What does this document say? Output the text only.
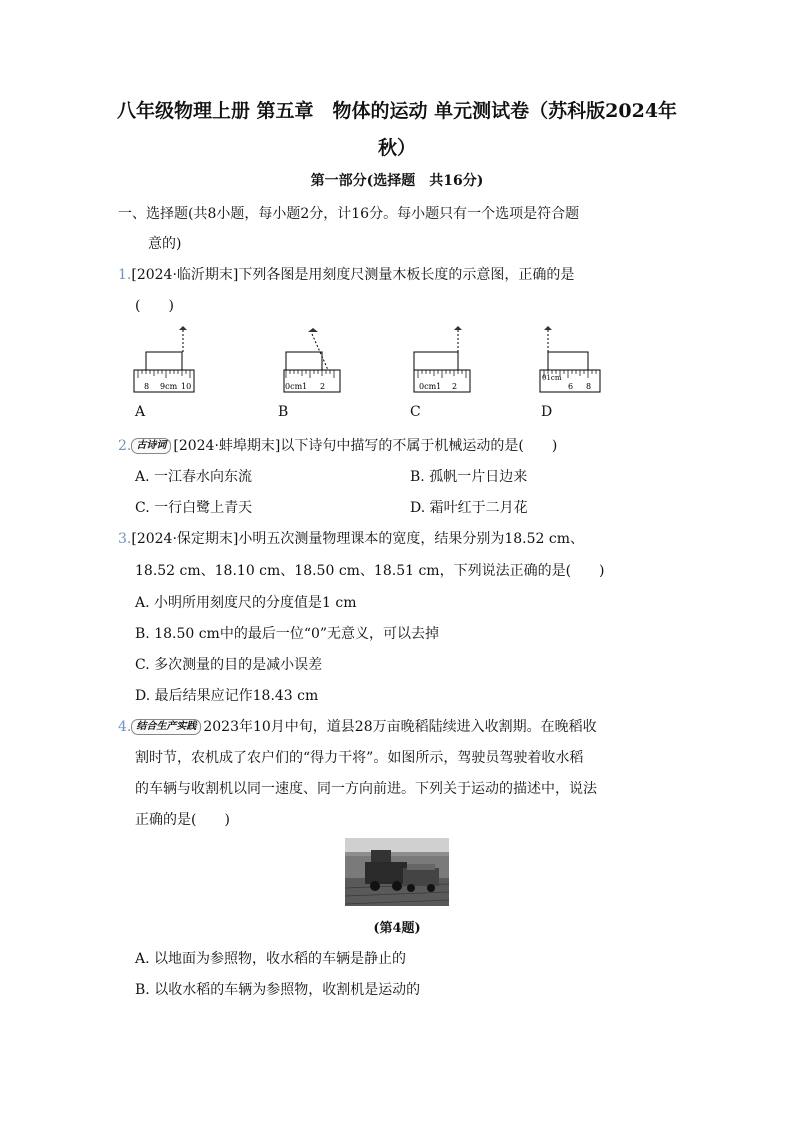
八年级物理上册 第五章　物体的运动 单元测试卷（苏科版2024年
秋）
第一部分(选择题　共16分)
一、选择题(共8小题，每小题2分，计16分。每小题只有一个选项是符合题
意的)
1.[2024·临沂期末]下列各图是用刻度尺测量木板长度的示意图，正确的是
(　　)
8 9cm 10	0cm1 2	0cm1 2
01cm
6 8
A	B	C	D
2. 古诗词 [2024·蚌埠期末]以下诗句中描写的不属于机械运动的是(　　)
A. 一江春水向东流	B. 孤帆一片日边来
C. 一行白鹭上青天	D. 霜叶红于二月花
3.[2024·保定期末]小明五次测量物理课本的宽度，结果分别为18.52 cm、
18.52 cm、18.10 cm、18.50 cm、18.51 cm，下列说法正确的是(　　)
A. 小明所用刻度尺的分度值是1 cm
B. 18.50 cm中的最后一位“0”无意义，可以去掉
C. 多次测量的目的是减小误差
D. 最后结果应记作18.43 cm
4. 结合生产实践 2023年10月中旬，道县28万亩晚稻陆续进入收割期。在晚稻收
割时节，农机成了农户们的“得力干将”。如图所示，驾驶员驾驶着收水稻
的车辆与收割机以同一速度、同一方向前进。下列关于运动的描述中，说法
正确的是(　　)
(第4题)
A. 以地面为参照物，收水稻的车辆是静止的
B. 以收水稻的车辆为参照物，收割机是运动的
